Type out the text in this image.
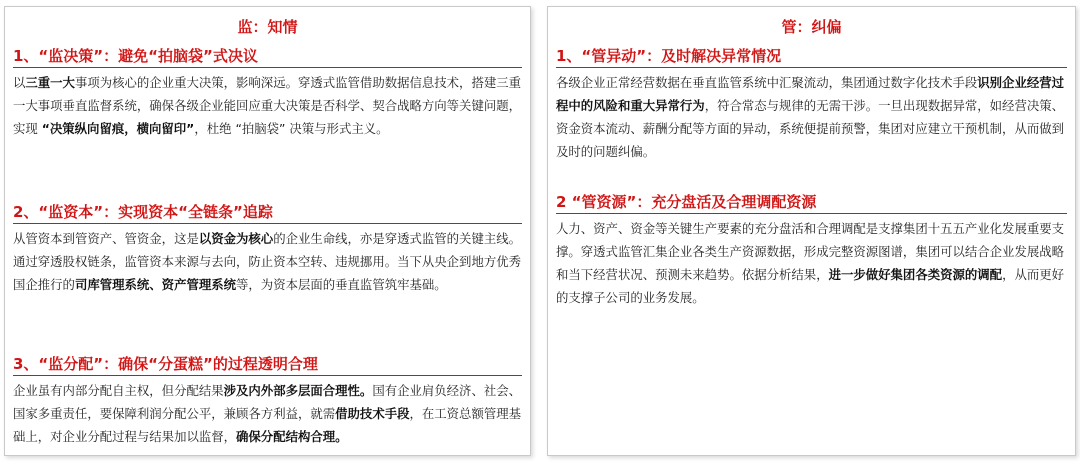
监：知情
1、“监决策”：避免“拍脑袋”式决议

以三重一大事项为核心的企业重大决策，影响深远。穿透式监管借助数据信息技术，搭建三重一大事项垂直监督系统，确保各级企业能回应重大决策是否科学、契合战略方向等关键问题，实现 “决策纵向留痕，横向留印”，杜绝 “拍脑袋” 决策与形式主义。

2、“监资本”：实现资本“全链条”追踪

从管资本到管资产、管资金，这是以资金为核心的企业生命线，亦是穿透式监管的关键主线。通过穿透股权链条，监管资本来源与去向，防止资本空转、违规挪用。当下从央企到地方优秀国企推行的司库管理系统、资产管理系统等，为资本层面的垂直监管筑牢基础。

3、“监分配”：确保“分蛋糕”的过程透明合理

企业虽有内部分配自主权，但分配结果涉及内外部多层面合理性。国有企业肩负经济、社会、国家多重责任，要保障利润分配公平，兼顾各方利益，就需借助技术手段，在工资总额管理基础上，对企业分配过程与结果加以监督，确保分配结构合理。

管：纠偏
1、“管异动”：及时解决异常情况

各级企业正常经营数据在垂直监管系统中汇聚流动，集团通过数字化技术手段识别企业经营过程中的风险和重大异常行为，符合常态与规律的无需干涉。一旦出现数据异常，如经营决策、资金资本流动、薪酬分配等方面的异动，系统便提前预警，集团对应建立干预机制，从而做到及时的问题纠偏。

2 “管资源”：充分盘活及合理调配资源

人力、资产、资金等关键生产要素的充分盘活和合理调配是支撑集团十五五产业化发展重要支撑。穿透式监管汇集企业各类生产资源数据，形成完整资源图谱，集团可以结合企业发展战略和当下经营状况、预测未来趋势。依据分析结果，进一步做好集团各类资源的调配，从而更好的支撑子公司的业务发展。
